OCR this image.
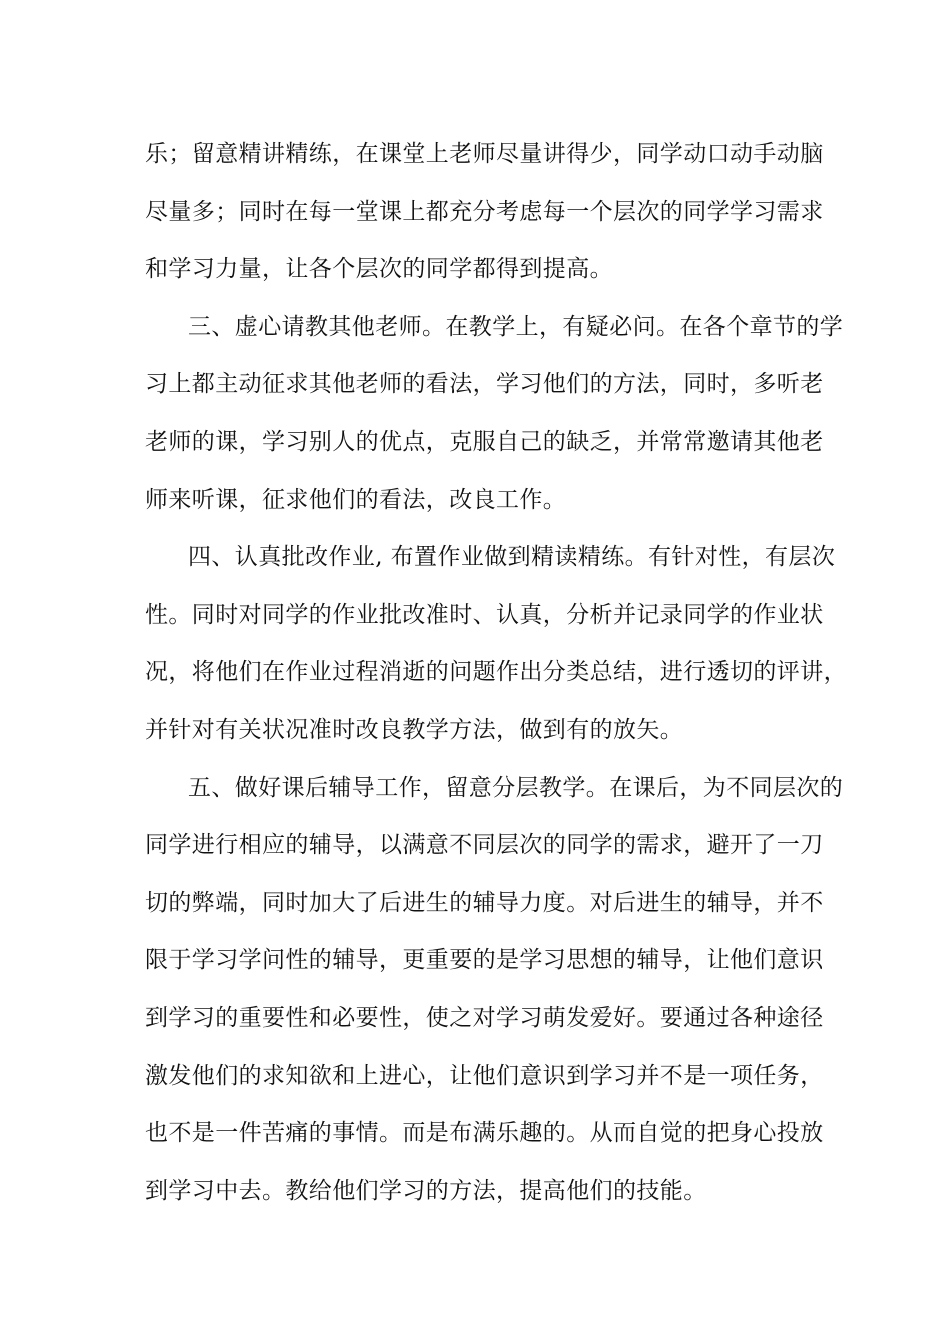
乐；留意精讲精练，在课堂上老师尽量讲得少，同学动口动手动脑
尽量多；同时在每一堂课上都充分考虑每一个层次的同学学习需求
和学习力量，让各个层次的同学都得到提高。
三、虚心请教其他老师。在教学上，有疑必问。在各个章节的学
习上都主动征求其他老师的看法，学习他们的方法，同时，多听老
老师的课，学习别人的优点，克服自己的缺乏，并常常邀请其他老
师来听课，征求他们的看法，改良工作。
四、认真批改作业, 布置作业做到精读精练。有针对性，有层次
性。同时对同学的作业批改准时、认真，分析并记录同学的作业状
况，将他们在作业过程消逝的问题作出分类总结，进行透切的评讲，
并针对有关状况准时改良教学方法，做到有的放矢。
五、做好课后辅导工作，留意分层教学。在课后，为不同层次的
同学进行相应的辅导，以满意不同层次的同学的需求，避开了一刀
切的弊端，同时加大了后进生的辅导力度。对后进生的辅导，并不
限于学习学问性的辅导，更重要的是学习思想的辅导，让他们意识
到学习的重要性和必要性，使之对学习萌发爱好。要通过各种途径
激发他们的求知欲和上进心，让他们意识到学习并不是一项任务，
也不是一件苦痛的事情。而是布满乐趣的。从而自觉的把身心投放
到学习中去。教给他们学习的方法，提高他们的技能。
